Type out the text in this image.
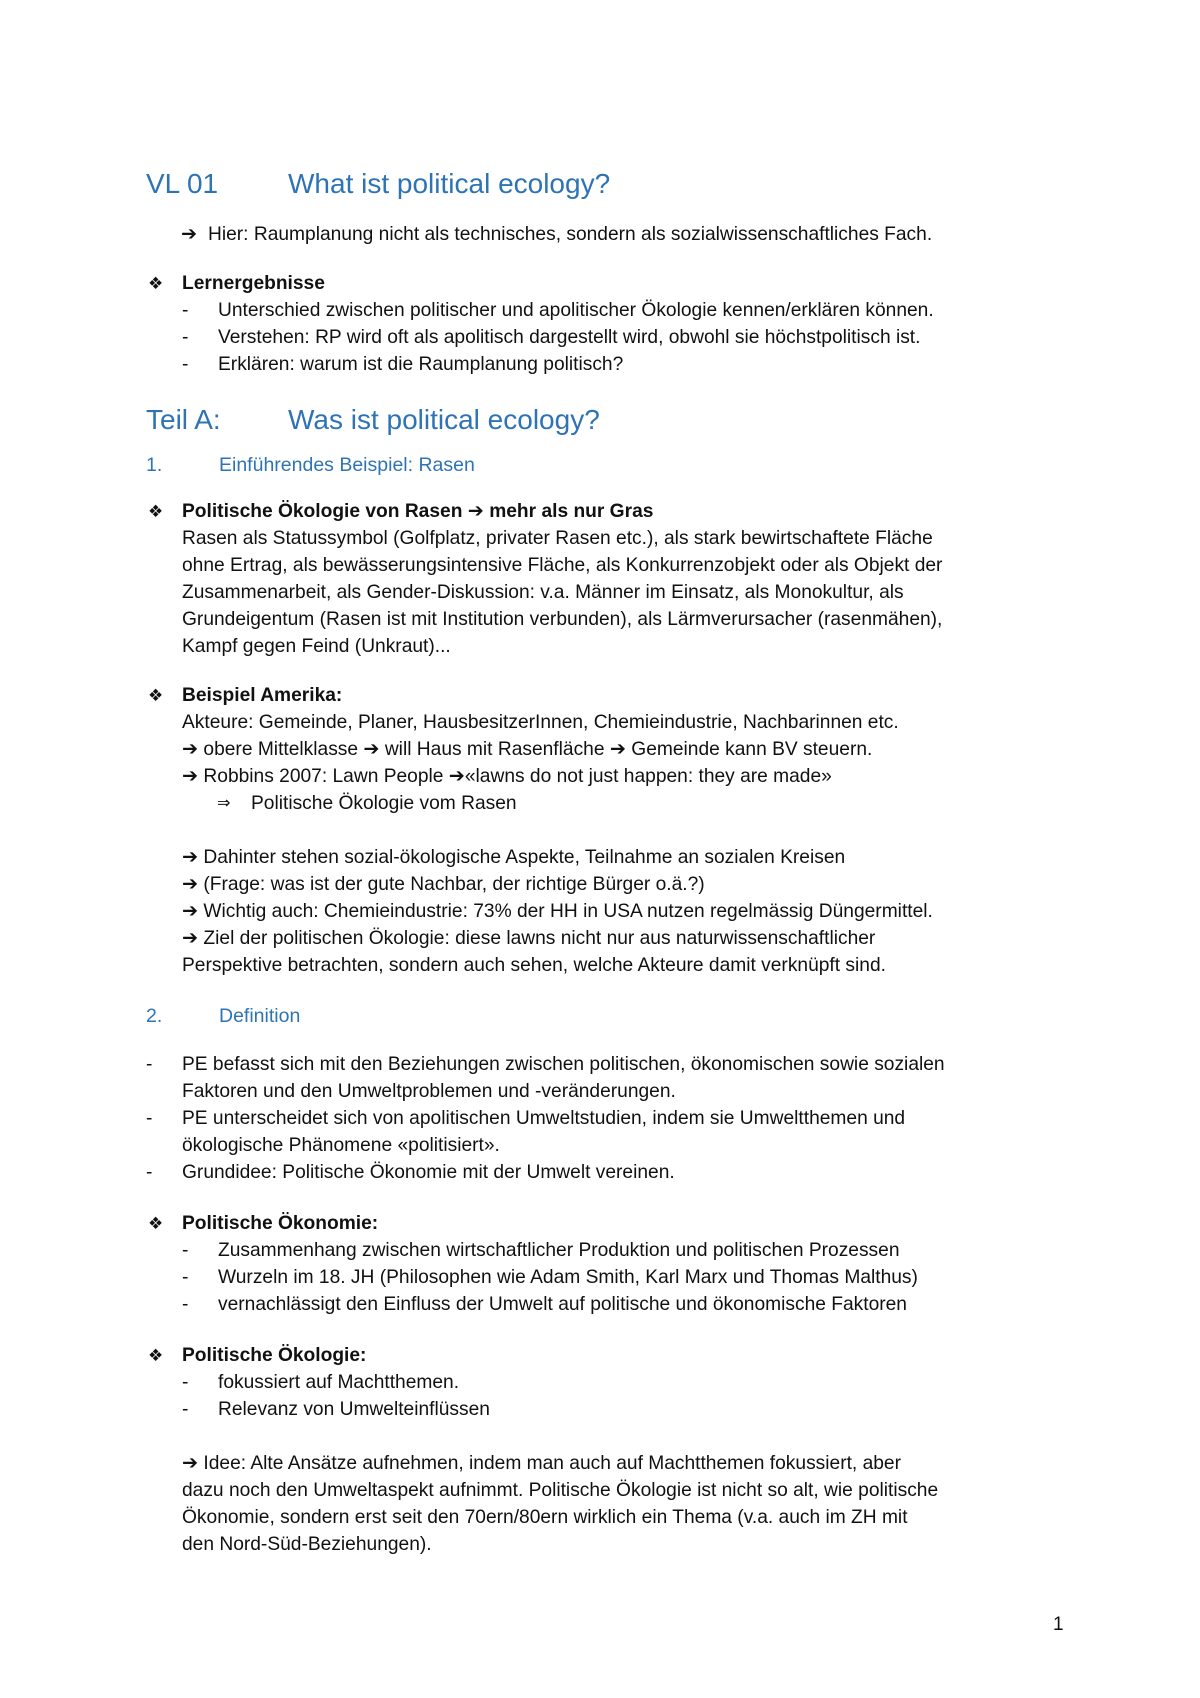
VL 01	What ist political ecology?
➔ Hier: Raumplanung nicht als technisches, sondern als sozialwissenschaftliches Fach.
❖ Lernergebnisse
-	Unterschied zwischen politischer und apolitischer Ökologie kennen/erklären können.
-	Verstehen: RP wird oft als apolitisch dargestellt wird, obwohl sie höchstpolitisch ist.
-	Erklären: warum ist die Raumplanung politisch?
Teil A:	Was ist political ecology?
1.	Einführendes Beispiel: Rasen
❖ Politische Ökologie von Rasen ➔ mehr als nur Gras
Rasen als Statussymbol (Golfplatz, privater Rasen etc.), als stark bewirtschaftete Fläche
ohne Ertrag, als bewässerungsintensive Fläche, als Konkurrenzobjekt oder als Objekt der
Zusammenarbeit, als Gender-Diskussion: v.a. Männer im Einsatz, als Monokultur, als
Grundeigentum (Rasen ist mit Institution verbunden), als Lärmverursacher (rasenmähen),
Kampf gegen Feind (Unkraut)...
❖ Beispiel Amerika:
Akteure: Gemeinde, Planer, HausbesitzerInnen, Chemieindustrie, Nachbarinnen etc.
➔ obere Mittelklasse ➔ will Haus mit Rasenfläche ➔ Gemeinde kann BV steuern.
➔ Robbins 2007: Lawn People ➔«lawns do not just happen: they are made»
⇒	Politische Ökologie vom Rasen
➔ Dahinter stehen sozial-ökologische Aspekte, Teilnahme an sozialen Kreisen
➔ (Frage: was ist der gute Nachbar, der richtige Bürger o.ä.?)
➔ Wichtig auch: Chemieindustrie: 73% der HH in USA nutzen regelmässig Düngermittel.
➔ Ziel der politischen Ökologie: diese lawns nicht nur aus naturwissenschaftlicher
Perspektive betrachten, sondern auch sehen, welche Akteure damit verknüpft sind.
2.	Definition
-	PE befasst sich mit den Beziehungen zwischen politischen, ökonomischen sowie sozialen
Faktoren und den Umweltproblemen und -veränderungen.
-	PE unterscheidet sich von apolitischen Umweltstudien, indem sie Umweltthemen und
ökologische Phänomene «politisiert».
-	Grundidee: Politische Ökonomie mit der Umwelt vereinen.
❖ Politische Ökonomie:
-	Zusammenhang zwischen wirtschaftlicher Produktion und politischen Prozessen
-	Wurzeln im 18. JH (Philosophen wie Adam Smith, Karl Marx und Thomas Malthus)
-	vernachlässigt den Einfluss der Umwelt auf politische und ökonomische Faktoren
❖ Politische Ökologie:
-	fokussiert auf Machtthemen.
-	Relevanz von Umwelteinflüssen
➔ Idee: Alte Ansätze aufnehmen, indem man auch auf Machtthemen fokussiert, aber
dazu noch den Umweltaspekt aufnimmt. Politische Ökologie ist nicht so alt, wie politische
Ökonomie, sondern erst seit den 70ern/80ern wirklich ein Thema (v.a. auch im ZH mit
den Nord-Süd-Beziehungen).
1
